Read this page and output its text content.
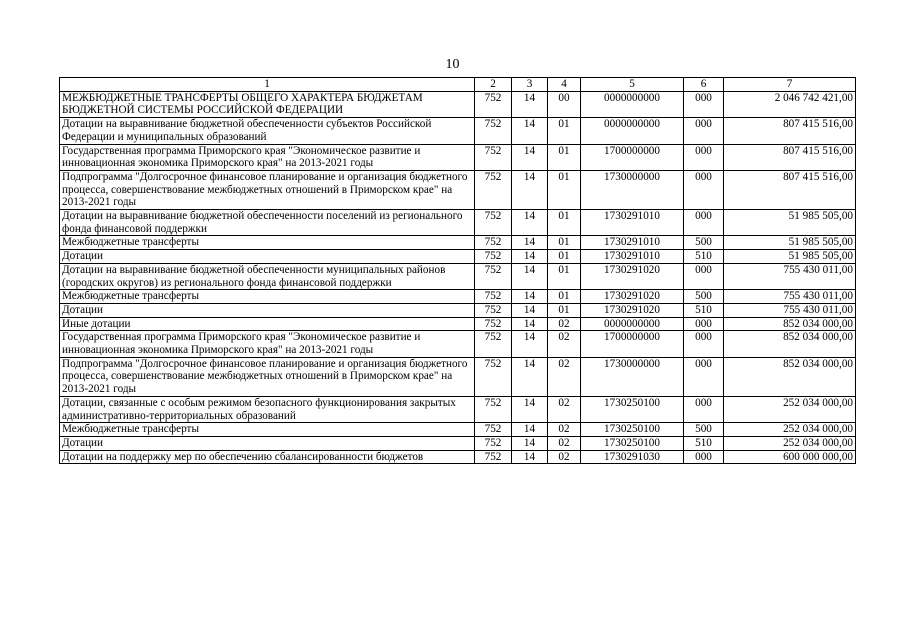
10
1	2	3	4	5	6	7
МЕЖБЮДЖЕТНЫЕ ТРАНСФЕРТЫ ОБЩЕГО ХАРАКТЕРА БЮДЖЕТАМ БЮДЖЕТНОЙ СИСТЕМЫ РОССИЙСКОЙ ФЕДЕРАЦИИ	752	14	00	0000000000	000	2 046 742 421,00
Дотации на выравнивание бюджетной обеспеченности субъектов Российской Федерации и муниципальных образований	752	14	01	0000000000	000	807 415 516,00
Государственная программа Приморского края "Экономическое развитие и инновационная экономика Приморского края" на 2013-2021 годы	752	14	01	1700000000	000	807 415 516,00
Подпрограмма "Долгосрочное финансовое планирование и организация бюджетного процесса, совершенствование межбюджетных отношений в Приморском крае" на 2013-2021 годы	752	14	01	1730000000	000	807 415 516,00
Дотации на выравнивание бюджетной обеспеченности поселений из регионального фонда финансовой поддержки	752	14	01	1730291010	000	51 985 505,00
Межбюджетные трансферты	752	14	01	1730291010	500	51 985 505,00
Дотации	752	14	01	1730291010	510	51 985 505,00
Дотации на выравнивание бюджетной обеспеченности муниципальных районов (городских округов) из регионального фонда финансовой поддержки	752	14	01	1730291020	000	755 430 011,00
Межбюджетные трансферты	752	14	01	1730291020	500	755 430 011,00
Дотации	752	14	01	1730291020	510	755 430 011,00
Иные дотации	752	14	02	0000000000	000	852 034 000,00
Государственная программа Приморского края "Экономическое развитие и инновационная экономика Приморского края" на 2013-2021 годы	752	14	02	1700000000	000	852 034 000,00
Подпрограмма "Долгосрочное финансовое планирование и организация бюджетного процесса, совершенствование межбюджетных отношений в Приморском крае" на 2013-2021 годы	752	14	02	1730000000	000	852 034 000,00
Дотации, связанные с особым режимом безопасного функционирования закрытых административно-территориальных образований	752	14	02	1730250100	000	252 034 000,00
Межбюджетные трансферты	752	14	02	1730250100	500	252 034 000,00
Дотации	752	14	02	1730250100	510	252 034 000,00
Дотации на поддержку мер по обеспечению сбалансированности бюджетов	752	14	02	1730291030	000	600 000 000,00
